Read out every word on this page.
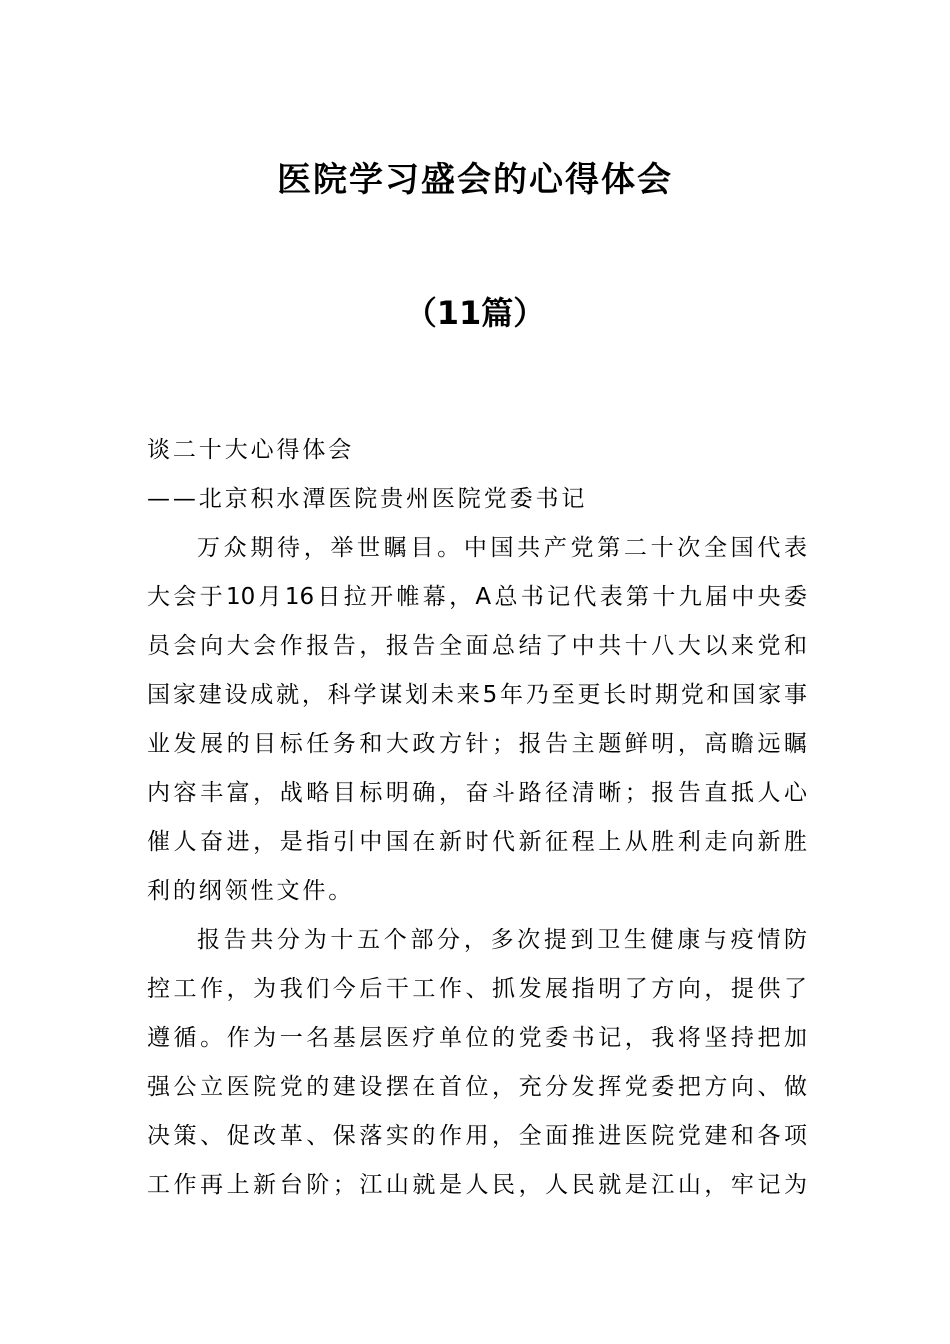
医院学习盛会的心得体会
（11篇）
谈二十大心得体会
——北京积水潭医院贵州医院党委书记
万众期待，举世瞩目。中国共产党第二十次全国代表
大会于10月16日拉开帷幕，A总书记代表第十九届中央委
员会向大会作报告，报告全面总结了中共十八大以来党和
国家建设成就，科学谋划未来5年乃至更长时期党和国家事
业发展的目标任务和大政方针；报告主题鲜明，高瞻远瞩
内容丰富，战略目标明确，奋斗路径清晰；报告直抵人心
催人奋进，是指引中国在新时代新征程上从胜利走向新胜
利的纲领性文件。
报告共分为十五个部分，多次提到卫生健康与疫情防
控工作，为我们今后干工作、抓发展指明了方向，提供了
遵循。作为一名基层医疗单位的党委书记，我将坚持把加
强公立医院党的建设摆在首位，充分发挥党委把方向、做
决策、促改革、保落实的作用，全面推进医院党建和各项
工作再上新台阶；江山就是人民，人民就是江山，牢记为
